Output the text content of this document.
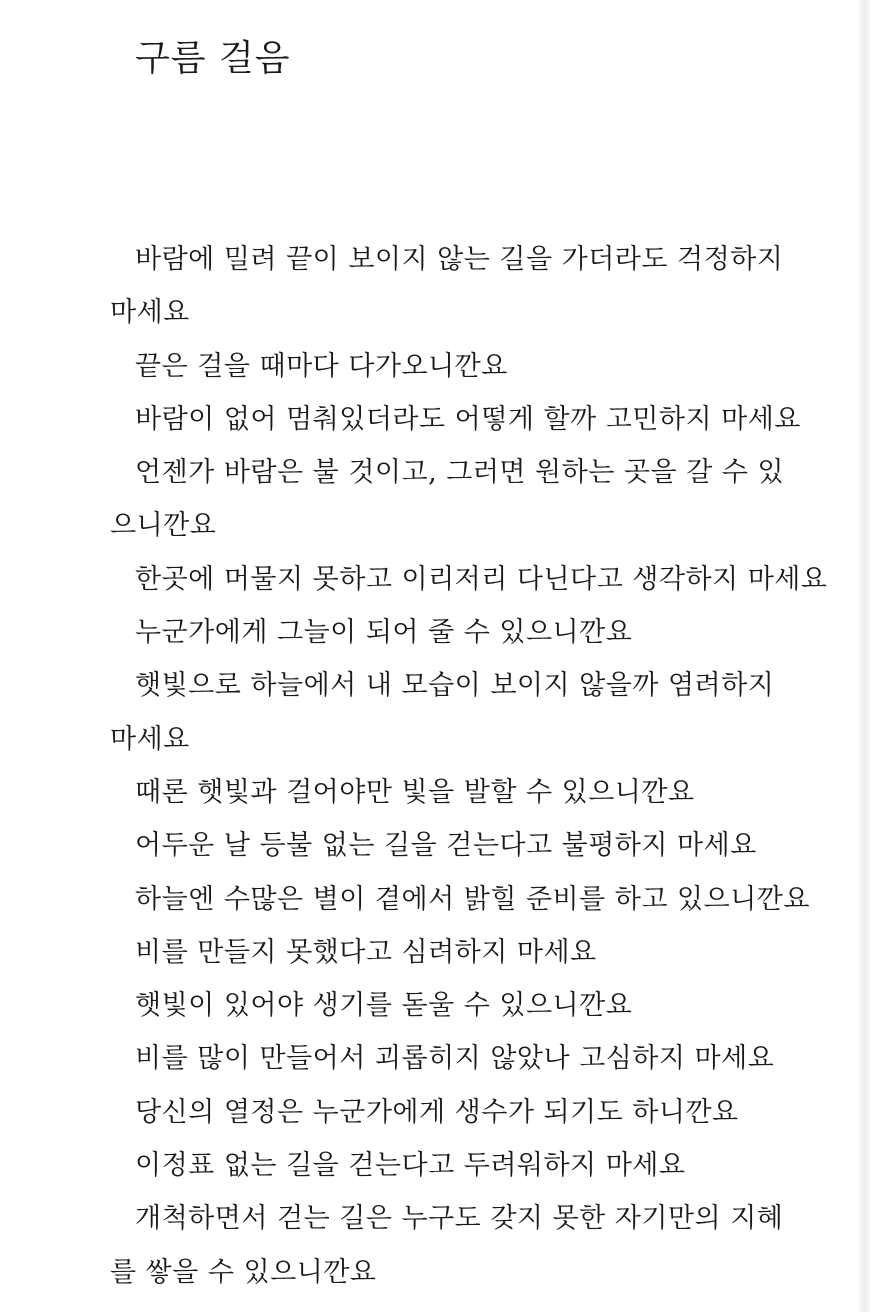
구름 걸음
바람에 밀려 끝이 보이지 않는 길을 가더라도 걱정하지
마세요
끝은 걸을 때마다 다가오니깐요
바람이 없어 멈춰있더라도 어떻게 할까 고민하지 마세요
언젠가 바람은 불 것이고, 그러면 원하는 곳을 갈 수 있
으니깐요
한곳에 머물지 못하고 이리저리 다닌다고 생각하지 마세요
누군가에게 그늘이 되어 줄 수 있으니깐요
햇빛으로 하늘에서 내 모습이 보이지 않을까 염려하지
마세요
때론 햇빛과 걸어야만 빛을 발할 수 있으니깐요
어두운 날 등불 없는 길을 걷는다고 불평하지 마세요
하늘엔 수많은 별이 곁에서 밝힐 준비를 하고 있으니깐요
비를 만들지 못했다고 심려하지 마세요
햇빛이 있어야 생기를 돋울 수 있으니깐요
비를 많이 만들어서 괴롭히지 않았나 고심하지 마세요
당신의 열정은 누군가에게 생수가 되기도 하니깐요
이정표 없는 길을 걷는다고 두려워하지 마세요
개척하면서 걷는 길은 누구도 갖지 못한 자기만의 지혜
를 쌓을 수 있으니깐요
